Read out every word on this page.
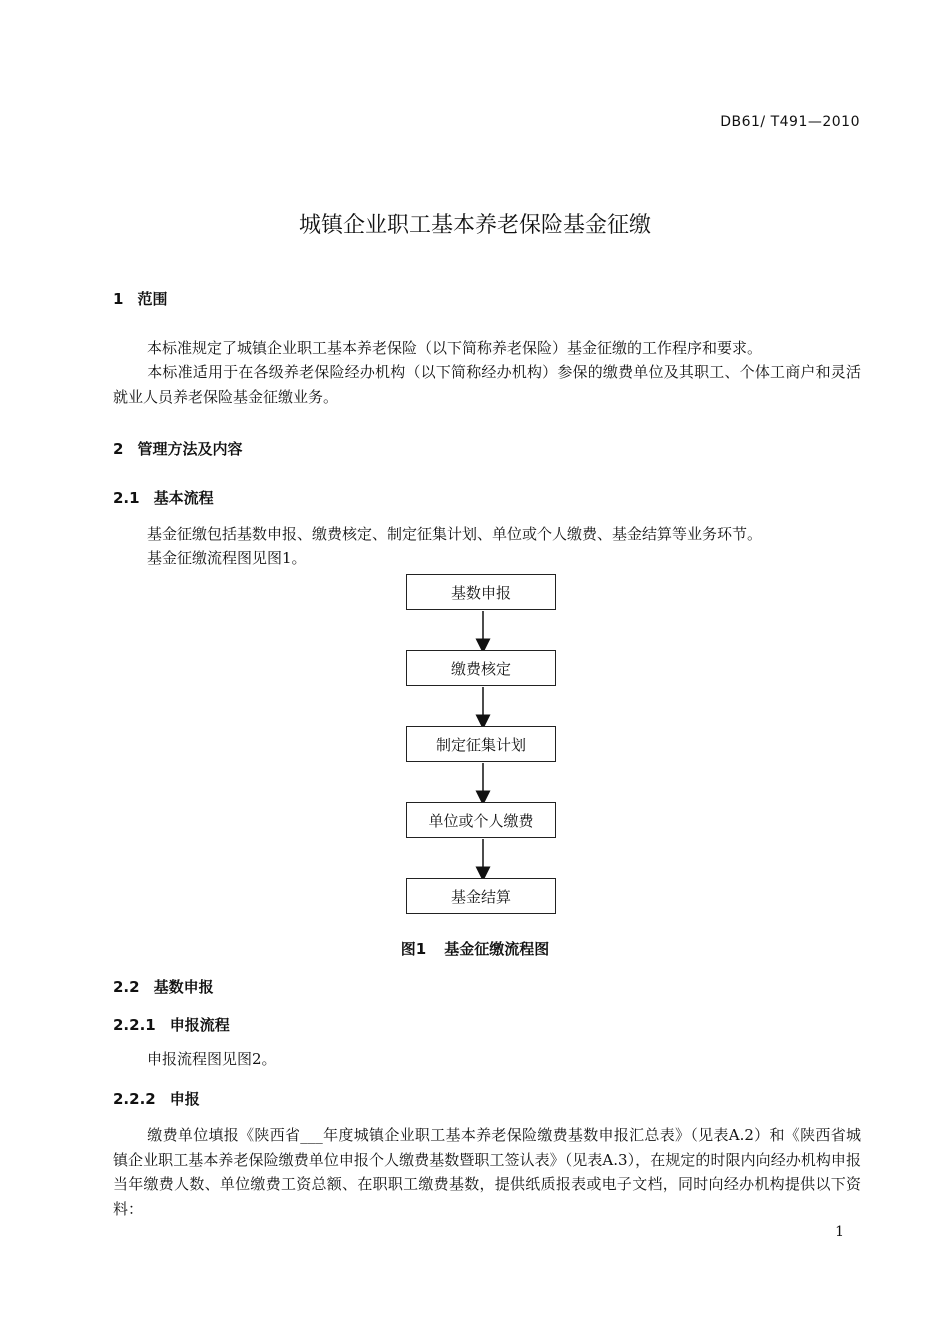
DB61/ T491—2010
城镇企业职工基本养老保险基金征缴
1 范围
本标准规定了城镇企业职工基本养老保险（以下简称养老保险）基金征缴的工作程序和要求。
本标准适用于在各级养老保险经办机构（以下简称经办机构）参保的缴费单位及其职工、个体工商户和灵活就业人员养老保险基金征缴业务。
2 管理方法及内容
2.1 基本流程
基金征缴包括基数申报、缴费核定、制定征集计划、单位或个人缴费、基金结算等业务环节。
基金征缴流程图见图1。
基数申报
缴费核定
制定征集计划
单位或个人缴费
基金结算
图1 基金征缴流程图
2.2 基数申报
2.2.1 申报流程
申报流程图见图2。
2.2.2 申报
缴费单位填报《陕西省___年度城镇企业职工基本养老保险缴费基数申报汇总表》（见表A.2）和《陕西省城镇企业职工基本养老保险缴费单位申报个人缴费基数暨职工签认表》（见表A.3），在规定的时限内向经办机构申报当年缴费人数、单位缴费工资总额、在职职工缴费基数，提供纸质报表或电子文档，同时向经办机构提供以下资料：
1
